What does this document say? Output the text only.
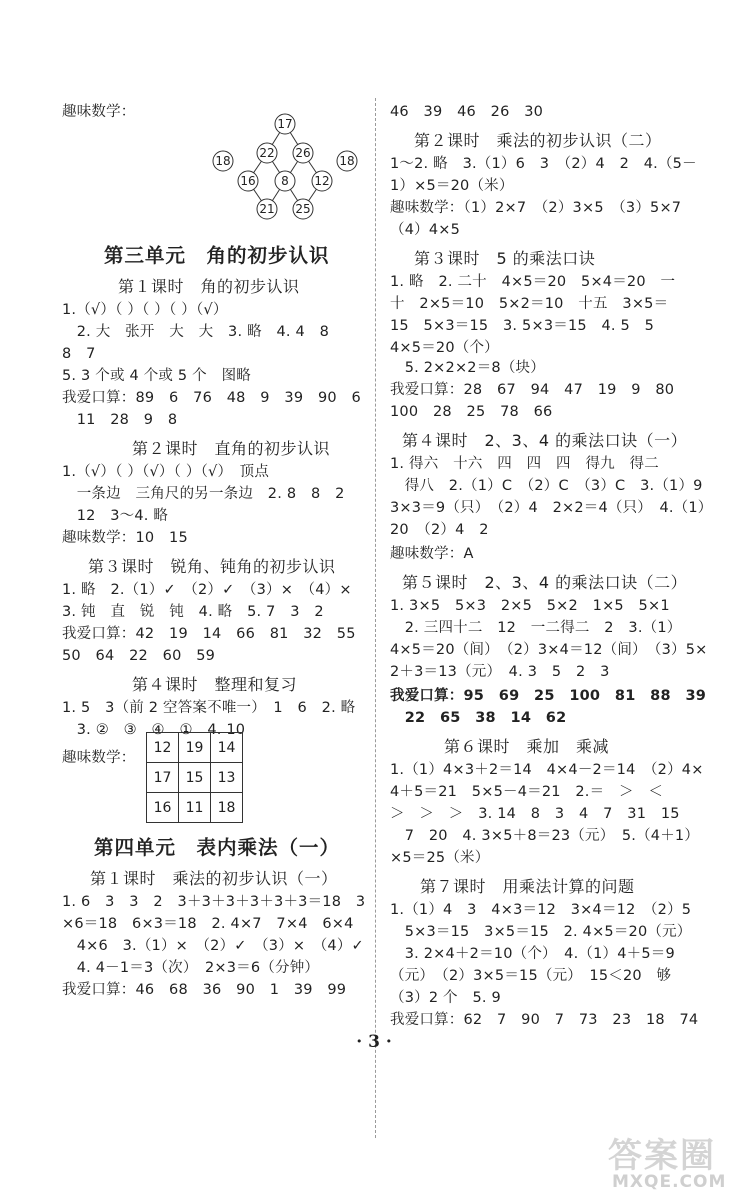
趣味数学：
17
22 26
18	18
16 8 12
21 25
第三单元　角的初步认识
第１课时　角的初步认识
1.（√）（ ）（ ）（ ）（√）
　2. 大　张开　大　大　3. 略　4. 4　8
8　7
5. 3 个或 4 个或 5 个　图略
我爱口算：89　6　76　48　9　39　90　6
　11　28　9　8
第２课时　直角的初步认识
1.（√）（ ）（√）（ ）（√）　顶点
　一条边　三角尺的另一条边　2. 8　8　2
　12　3～4. 略
趣味数学：10　15
第３课时　锐角、钝角的初步认识
1. 略　2.（1）✓　（2）✓　（3）×　（4）×
3. 钝　直　锐　钝　4. 略　5. 7　3　2
我爱口算：42　19　14　66　81　32　55
50　64　22　60　59
第４课时　整理和复习
1. 5　3（前 2 空答案不唯一）　1　6　2. 略
　3. ②　③　④　①　4. 10
趣味数学：
12	19	14
17	15	13
16	11	18
第四单元　表内乘法（一）
第１课时　乘法的初步认识（一）
1. 6　3　3　2　3＋3＋3＋3＋3＋3＝18　3
×6＝18　6×3＝18　2. 4×7　7×4　6×4
　4×6　3.（1）×　（2）✓　（3）×　（4）✓
　4. 4－1＝3（次）　2×3＝6（分钟）
我爱口算：46　68　36　90　1　39　99
46　39　46　26　30
第２课时　乘法的初步认识（二）
1～2. 略　3.（1）6　3　（2）4　2　4.（5－
1）×5＝20（米）
趣味数学：（1）2×7　（2）3×5　（3）5×7
（4）4×5
第３课时　5 的乘法口诀
1. 略　2. 二十　4×5＝20　5×4＝20　一
十　2×5＝10　5×2＝10　十五　3×5＝
15　5×3＝15　3. 5×3＝15　4. 5　5
4×5＝20（个）
　5. 2×2×2＝8（块）
我爱口算：28　67　94　47　19　9　80
100　28　25　78　66
第４课时　2、3、4 的乘法口诀（一）
1. 得六　十六　四　四　四　得九　得二
　得八　2.（1）C　（2）C　（3）C　3.（1）9
3×3＝9（只）　（2）4　2×2＝4（只）　4.（1）
20　（2）4　2
趣味数学：A
第５课时　2、3、4 的乘法口诀（二）
1. 3×5　5×3　2×5　5×2　1×5　5×1
　2. 三四十二　12　一二得二　2　3.（1）
4×5＝20（间）　（2）3×4＝12（间）　（3）5×
2＋3＝13（元）　4. 3　5　2　3
我爱口算：95　69　25　100　81　88　39
　22　65　38　14　62
第６课时　乘加　乘减
1.（1）4×3＋2＝14　4×4－2＝14　（2）4×
4＋5＝21　5×5－4＝21　2.＝　＞　＜
＞　＞　＞　3. 14　8　3　4　7　31　15
　7　20　4. 3×5＋8＝23（元）　5.（4＋1）
×5＝25（米）
第７课时　用乘法计算的问题
1.（1）4　3　4×3＝12　3×4＝12　（2）5
　5×3＝15　3×5＝15　2. 4×5＝20（元）
　3. 2×4＋2＝10（个）　4.（1）4＋5＝9
（元）　（2）3×5＝15（元）　15＜20　够
（3）2 个　5. 9
我爱口算：62　7　90　7　73　23　18　74
· 3 ·
答案圈
MXQE.COM
